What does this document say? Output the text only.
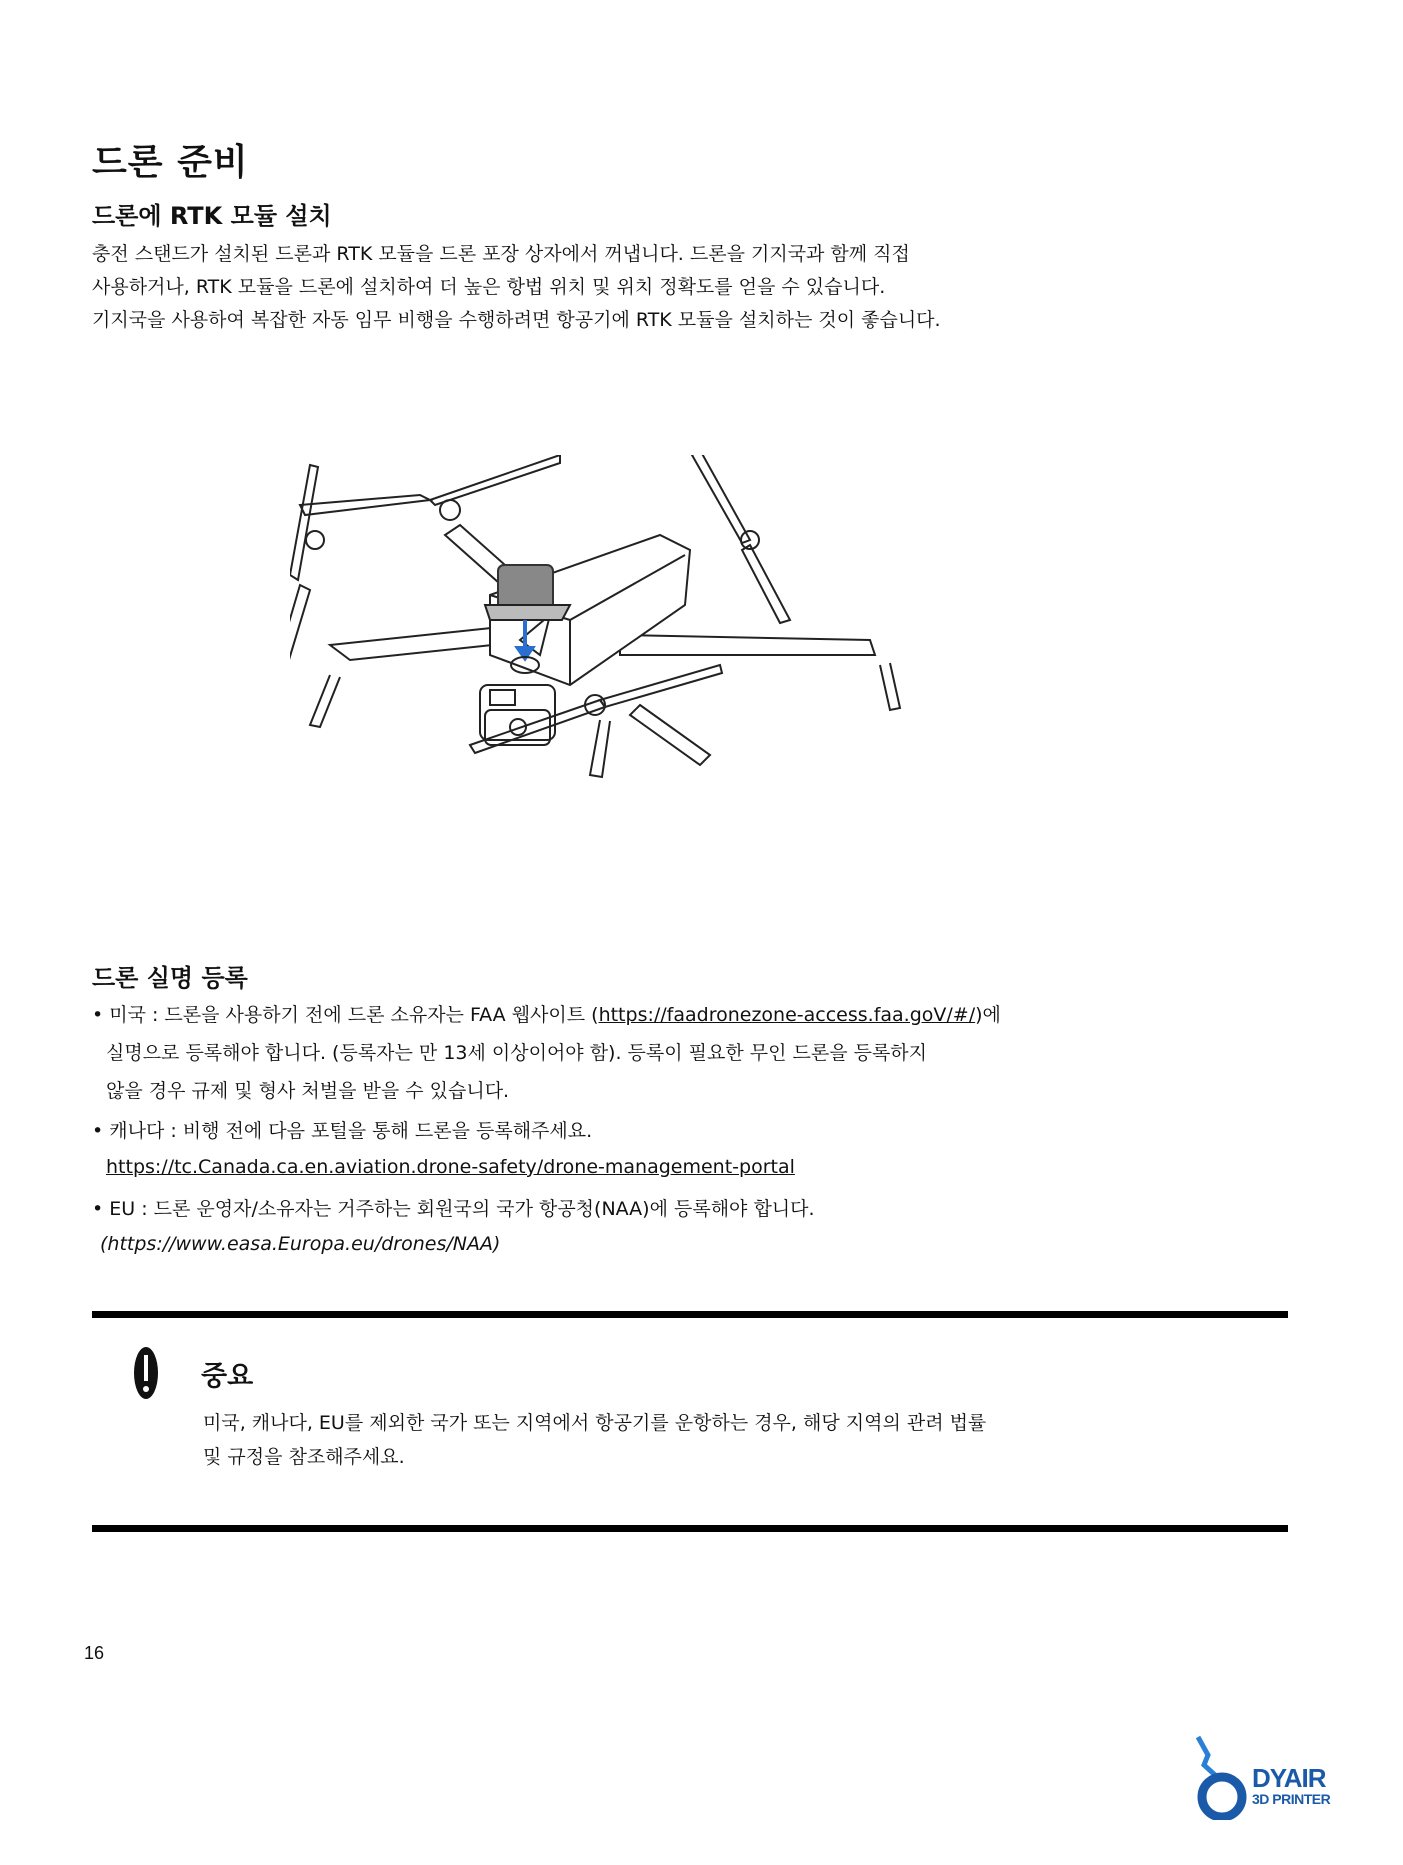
드론 준비
드론에 RTK 모듈 설치
충전 스탠드가 설치된 드론과 RTK 모듈을 드론 포장 상자에서 꺼냅니다. 드론을 기지국과 함께 직접
사용하거나, RTK 모듈을 드론에 설치하여 더 높은 항법 위치 및 위치 정확도를 얻을 수 있습니다.
기지국을 사용하여 복잡한 자동 임무 비행을 수행하려면 항공기에 RTK 모듈을 설치하는 것이 좋습니다.
드론 실명 등록
• 미국 : 드론을 사용하기 전에 드론 소유자는 FAA 웹사이트 (https://faadronezone-access.faa.goV/#/)에
실명으로 등록해야 합니다. (등록자는 만 13세 이상이어야 함). 등록이 필요한 무인 드론을 등록하지
않을 경우 규제 및 형사 처벌을 받을 수 있습니다.
• 캐나다 : 비행 전에 다음 포털을 통해 드론을 등록해주세요.
https://tc.Canada.ca.en.aviation.drone-safety/drone-management-portal
• EU : 드론 운영자/소유자는 거주하는 회원국의 국가 항공청(NAA)에 등록해야 합니다.
(https://www.easa.Europa.eu/drones/NAA)
중요
미국, 캐나다, EU를 제외한 국가 또는 지역에서 항공기를 운항하는 경우, 해당 지역의 관려 법률
및 규정을 참조해주세요.
16
DYAIR
3D PRINTER
